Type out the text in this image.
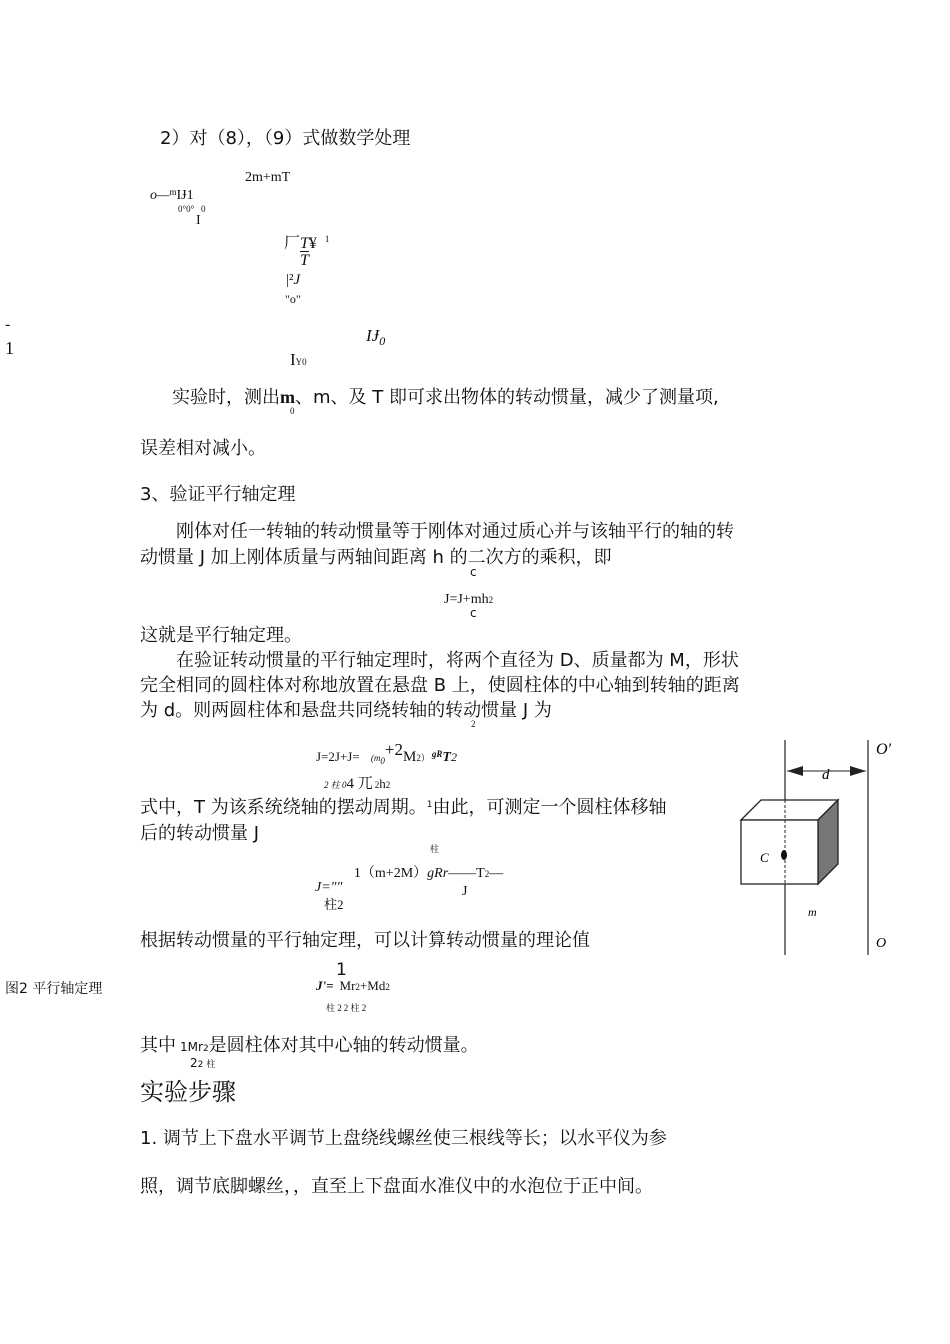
2）对（8），（9）式做数学处理
2m+mT
o—$^m$IɈ1
0°0° 0
I
厂T¥ $^1$
$\overline{T}$
|²J
"o"
-
1
$IɈ_0$
IY0
实验时，测出m、m、及 T 即可求出物体的转动惯量，减少了测量项,
0
误差相对减小。
3、验证平行轴定理
刚体对任一转轴的转动惯量等于刚体对通过质心并与该轴平行的轴的转
动惯量 J 加上刚体质量与两轴间距离 h 的二次方的乘积，即
c
J=J+mh2
c
这就是平行轴定理。
在验证转动惯量的平行轴定理时，将两个直径为 D、质量都为 M，形状
完全相同的圆柱体对称地放置在悬盘 B 上，使圆柱体的中心轴到转轴的距离
为 d。则两圆柱体和悬盘共同绕转轴的转动惯量 J 为
2
$J=2J+J= (m_0+2M2)$ $^{gR}$T2
2 柱 04 兀 2h2
式中，T 为该系统绕轴的摆动周期。$^1$由此，可测定一个圆柱体移轴
后的转动惯量 J
柱
J="" 1（m+2M）gRr——T2—
柱2
J
根据转动惯量的平行轴定理，可以计算转动惯量的理论值
图2 平行轴定理
1
J'= Mr2+Md2
柱 2 2 柱 2
其中 1Mr2是圆柱体对其中心轴的转动惯量。
22 柱
实验步骤
1. 调节上下盘水平调节上盘绕线螺丝使三根线等长；以水平仪为参
照，调节底脚螺丝，，直至上下盘面水准仪中的水泡位于正中间。
O'
d
C
m
O
